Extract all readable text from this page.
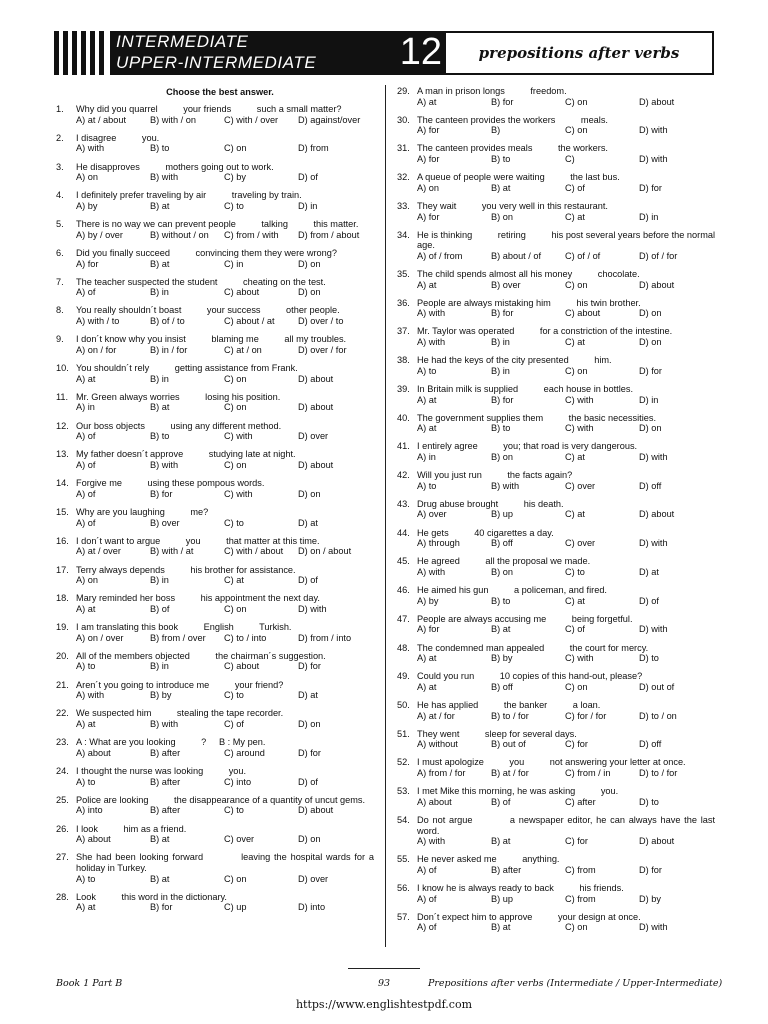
INTERMEDIATE
UPPER-INTERMEDIATE 12 prepositions after verbs
Choose the best answer.
1. Why did you quarrel          your friends          such a small matter?
A) at / about	B) with / on	C) with / over	D) against/over
2. I disagree          you.
A) with	B) to	C) on	D) from
3. He disapproves          mothers going out to work.
A) on	B) with	C) by	D) of
4. I definitely prefer traveling by air          traveling by train.
A) by	B) at	C) to	D) in
5. There is no way we can prevent people          talking          this matter.
A) by / over	B) without / on	C) from / with	D) from / about
6. Did you finally succeed          convincing them they were wrong?
A) for	B) at	C) in	D) on
7. The teacher suspected the student          cheating on the test.
A) of	B) in	C) about	D) on
8. You really shouldn´t boast          your success          other people.
A) with / to	B) of / to	C) about / at	D) over / to
9. I don´t know why you insist          blaming me          all my troubles.
A) on / for	B) in / for	C) at / on	D) over / for
10. You shouldn´t rely          getting assistance from Frank.
A) at	B) in	C) on	D) about
11. Mr. Green always worries          losing his position.
A) in	B) at	C) on	D) about
12. Our boss objects          using any different method.
A) of	B) to	C) with	D) over
13. My father doesn´t approve          studying late at night.
A) of	B) with	C) on	D) about
14. Forgive me          using these pompous words.
A) of	B) for	C) with	D) on
15. Why are you laughing          me?
A) of	B) over	C) to	D) at
16. I don´t want to argue          you          that matter at this time.
A) at / over	B) with / at	C) with / about	D) on / about
17. Terry always depends          his brother for assistance.
A) on	B) in	C) at	D) of
18. Mary reminded her boss          his appointment the next day.
A) at	B) of	C) on	D) with
19. I am translating this book          English          Turkish.
A) on / over	B) from / over	C) to / into	D) from / into
20. All of the members objected          the chairman´s suggestion.
A) to	B) in	C) about	D) for
21. Aren´t you going to introduce me          your friend?
A) with	B) by	C) to	D) at
22. We suspected him          stealing the tape recorder.
A) at	B) with	C) of	D) on
23. A : What are you looking          ?     B : My pen.
A) about	B) after	C) around	D) for
24. I thought the nurse was looking          you.
A) to	B) after	C) into	D) of
25. Police are looking          the disappearance of a quantity of uncut gems.
A) into	B) after	C) to	D) about
26. I look          him as a friend.
A) about	B) at	C) over	D) on
27. She had been looking forward          leaving the hospital wards for a holiday in Turkey.
A) to	B) at	C) on	D) over
28. Look          this word in the dictionary.
A) at	B) for	C) up	D) into
29. A man in prison longs          freedom.
A) at	B) for	C) on	D) about
30. The canteen provides the workers          meals.
A) for	B)	C) on	D) with
31. The canteen provides meals          the workers.
A) for	B) to	C)	D) with
32. A queue of people were waiting          the last bus.
A) on	B) at	C) of	D) for
33. They wait          you very well in this restaurant.
A) for	B) on	C) at	D) in
34. He is thinking          retiring          his post several years before the normal age.
A) of / from	B) about / of	C) of / of	D) of / for
35. The child spends almost all his money          chocolate.
A) at	B) over	C) on	D) about
36. People are always mistaking him          his twin brother.
A) with	B) for	C) about	D) on
37. Mr. Taylor was operated          for a constriction of the intestine.
A) with	B) in	C) at	D) on
38. He had the keys of the city presented          him.
A) to	B) in	C) on	D) for
39. In Britain milk is supplied          each house in bottles.
A) at	B) for	C) with	D) in
40. The government supplies them          the basic necessities.
A) at	B) to	C) with	D) on
41. I entirely agree          you; that road is very dangerous.
A) in	B) on	C) at	D) with
42. Will you just run          the facts again?
A) to	B) with	C) over	D) off
43. Drug abuse brought          his death.
A) over	B) up	C) at	D) about
44. He gets          40 cigarettes a day.
A) through	B) off	C) over	D) with
45. He agreed          all the proposal we made.
A) with	B) on	C) to	D) at
46. He aimed his gun          a policeman, and fired.
A) by	B) to	C) at	D) of
47. People are always accusing me          being forgetful.
A) for	B) at	C) of	D) with
48. The condemned man appealed          the court for mercy.
A) at	B) by	C) with	D) to
49. Could you run          10 copies of this hand-out, please?
A) at	B) off	C) on	D) out of
50. He has applied          the banker          a loan.
A) at / for	B) to / for	C) for / for	D) to / on
51. They went          sleep for several days.
A) without	B) out of	C) for	D) off
52. I must apologize          you          not answering your letter at once.
A) from / for	B) at / for	C) from / in	D) to / for
53. I met Mike this morning, he was asking          you.
A) about	B) of	C) after	D) to
54. Do not argue          a newspaper editor, he can always have the last word.
A) with	B) at	C) for	D) about
55. He never asked me          anything.
A) of	B) after	C) from	D) for
56. I know he is always ready to back          his friends.
A) of	B) up	C) from	D) by
57. Don´t expect him to approve          your design at once.
A) of	B) at	C) on	D) with
Book 1 Part B	93	Prepositions after verbs (Intermediate / Upper-Intermediate)
https://www.englishtestpdf.com
